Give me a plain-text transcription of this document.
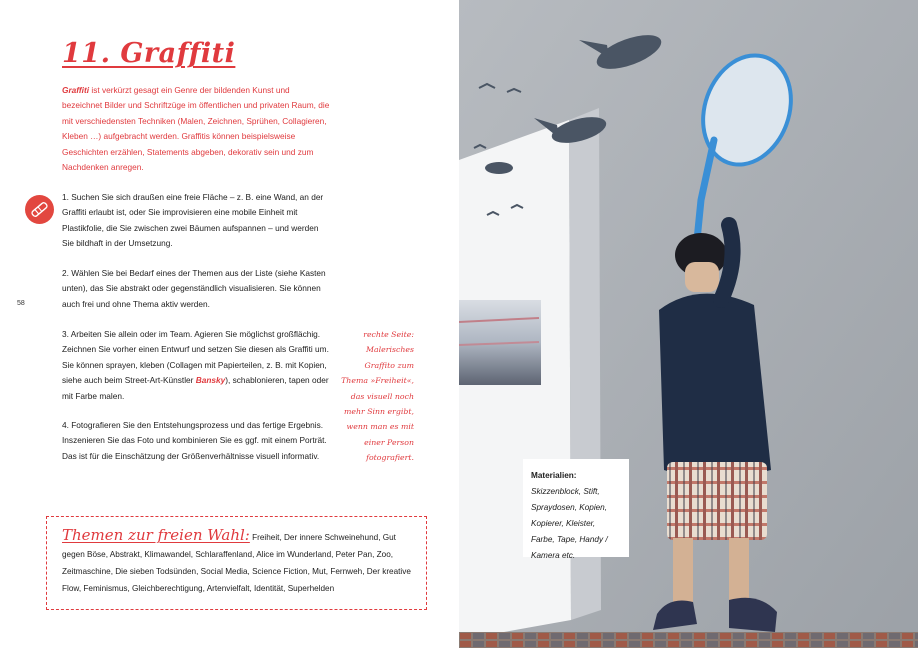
11. Graffiti
Graffiti ist verkürzt gesagt ein Genre der bildenden Kunst und bezeichnet Bilder und Schriftzüge im öffentlichen und privaten Raum, die mit verschiedensten Techniken (Malen, Zeichnen, Sprühen, Collagieren, Kleben …) aufgebracht werden. Graffitis können beispielsweise Geschichten erzählen, Statements abgeben, dekorativ sein und zum Nachdenken anregen.
1. Suchen Sie sich draußen eine freie Fläche – z. B. eine Wand, an der Graffiti erlaubt ist, oder Sie improvisieren eine mobile Einheit mit Plastikfolie, die Sie zwischen zwei Bäumen aufspannen – und werden Sie bildhaft in der Umsetzung.
2. Wählen Sie bei Bedarf eines der Themen aus der Liste (siehe Kasten unten), das Sie abstrakt oder gegenständlich visualisieren. Sie können auch frei und ohne Thema aktiv werden.
3. Arbeiten Sie allein oder im Team. Agieren Sie möglichst großflächig. Zeichnen Sie vorher einen Entwurf und setzen Sie diesen als Graffiti um. Sie können sprayen, kleben (Collagen mit Papierteilen, z. B. mit Kopien, siehe auch beim Street-Art-Künstler Bansky), schablonieren, tapen oder mit Farbe malen.
4. Fotografieren Sie den Entstehungsprozess und das fertige Ergebnis. Inszenieren Sie das Foto und kombinieren Sie es ggf. mit einem Porträt. Das ist für die Einschätzung der Größenverhältnisse visuell informativ.
58
rechte Seite: Malerisches Graffito zum Thema »Freiheit«, das visuell noch mehr Sinn ergibt, wenn man es mit einer Person fotografiert.
Themen zur freien Wahl: Freiheit, Der innere Schweinehund, Gut gegen Böse, Abstrakt, Klimawandel, Schlaraffenland, Alice im Wunderland, Peter Pan, Zoo, Zeitmaschine, Die sieben Todsünden, Social Media, Science Fiction, Mut, Fernweh, Der kreative Flow, Feminismus, Gleichberechtigung, Artenvielfalt, Identität, Superhelden
Materialien: Skizzenblock, Stift, Spraydosen, Kopien, Kopierer, Kleister, Farbe, Tape, Handy / Kamera etc.
